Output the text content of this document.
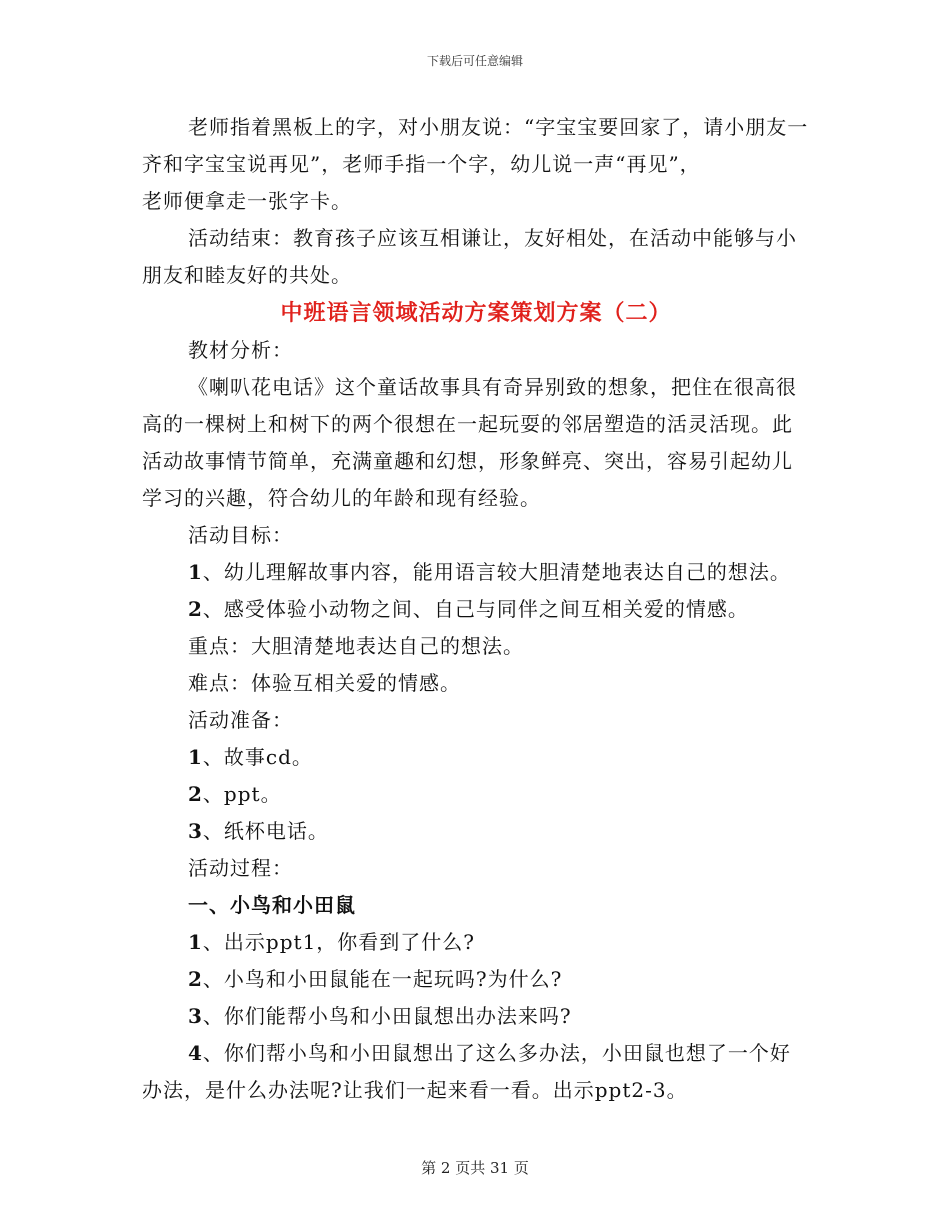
下载后可任意编辑

老师指着黑板上的字，对小朋友说：“字宝宝要回家了，请小朋友一齐和字宝宝说再见”，老师手指一个字，幼儿说一声“再见”，

老师便拿走一张字卡。

活动结束：教育孩子应该互相谦让，友好相处，在活动中能够与小朋友和睦友好的共处。

中班语言领域活动方案策划方案（二）

教材分析：

《喇叭花电话》这个童话故事具有奇异别致的想象，把住在很高很高的一棵树上和树下的两个很想在一起玩耍的邻居塑造的活灵活现。此活动故事情节简单，充满童趣和幻想，形象鲜亮、突出，容易引起幼儿学习的兴趣，符合幼儿的年龄和现有经验。

活动目标：

1、幼儿理解故事内容，能用语言较大胆清楚地表达自己的想法。

2、感受体验小动物之间、自己与同伴之间互相关爱的情感。

重点：大胆清楚地表达自己的想法。

难点：体验互相关爱的情感。

活动准备：

1、故事cd。

2、ppt。

3、纸杯电话。

活动过程：

一、小鸟和小田鼠

1、出示ppt1，你看到了什么?

2、小鸟和小田鼠能在一起玩吗?为什么?

3、你们能帮小鸟和小田鼠想出办法来吗?

4、你们帮小鸟和小田鼠想出了这么多办法，小田鼠也想了一个好办法，是什么办法呢?让我们一起来看一看。出示ppt2-3。

第 2 页共 31 页
